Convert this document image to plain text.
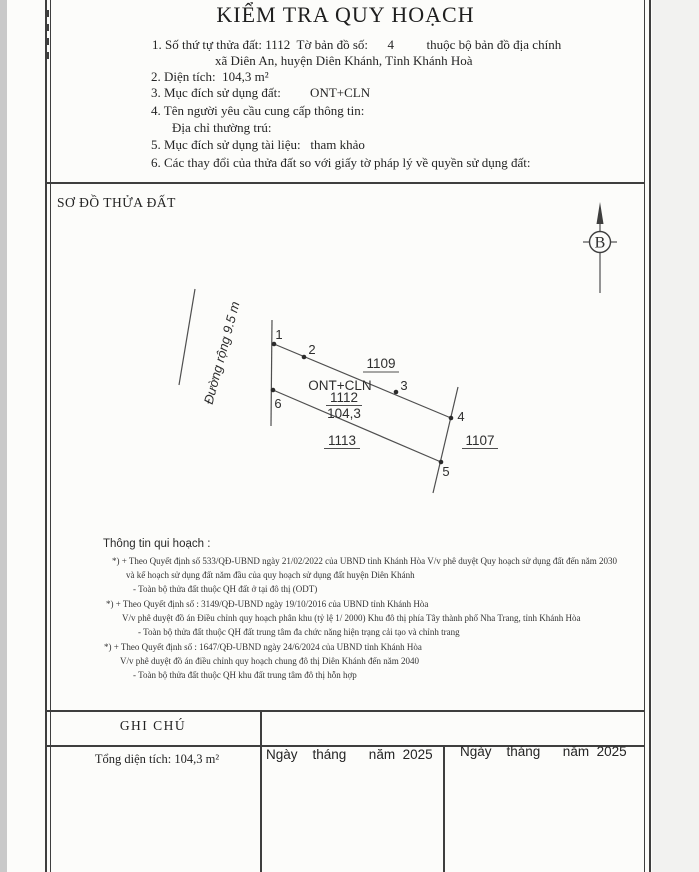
KIỂM TRA QUY HOẠCH
1. Số thứ tự thửa đất: 1112  Tờ bản đồ số:      4          thuộc bộ bản đồ địa chính
xã Diên An, huyện Diên Khánh, Tỉnh Khánh Hoà
2. Diện tích:  104,3 m²
3. Mục đích sử dụng đất:         ONT+CLN
4. Tên người yêu cầu cung cấp thông tin:
Địa chỉ thường trú:
5. Mục đích sử dụng tài liệu:   tham khảo
6. Các thay đổi của thửa đất so với giấy tờ pháp lý về quyền sử dụng đất:
SƠ ĐỒ THỬA ĐẤT
B
Đường rộng 9.5 m	1
2
3
4
5
6
1109
ONT+CLN
1112
104,3
1113	1107
Thông tin qui hoạch :
*) + Theo Quyết định số 533/QĐ-UBND ngày 21/02/2022 của UBND tỉnh Khánh Hòa V/v phê duyệt Quy hoạch sử dụng đất đến năm 2030
và kế hoạch sử dụng đất năm đầu của quy hoạch sử dụng đất huyện Diên Khánh
- Toàn bộ thửa đất thuộc QH đất ở tại đô thị (ODT)
*) + Theo Quyết định số : 3149/QĐ-UBND ngày 19/10/2016 của UBND tỉnh Khánh Hòa
V/v phê duyệt đồ án Điều chỉnh quy hoạch phân khu (tỷ lệ 1/ 2000) Khu đô thị phía Tây thành phố Nha Trang, tỉnh Khánh Hòa
- Toàn bộ thửa đất thuộc QH đất trung tâm đa chức năng hiện trạng cải tạo và chỉnh trang
*) + Theo Quyết định số : 1647/QĐ-UBND ngày 24/6/2024 của UBND tỉnh Khánh Hòa
V/v phê duyệt đồ án điều chỉnh quy hoạch chung đô thị Diên Khánh đến năm 2040
- Toàn bộ thửa đất thuộc QH khu đất trung tâm đô thị hỗn hợp
GHI CHÚ
Tổng diện tích: 104,3 m²	Ngày    tháng      năm  2025 Ngày    tháng      năm  2025
